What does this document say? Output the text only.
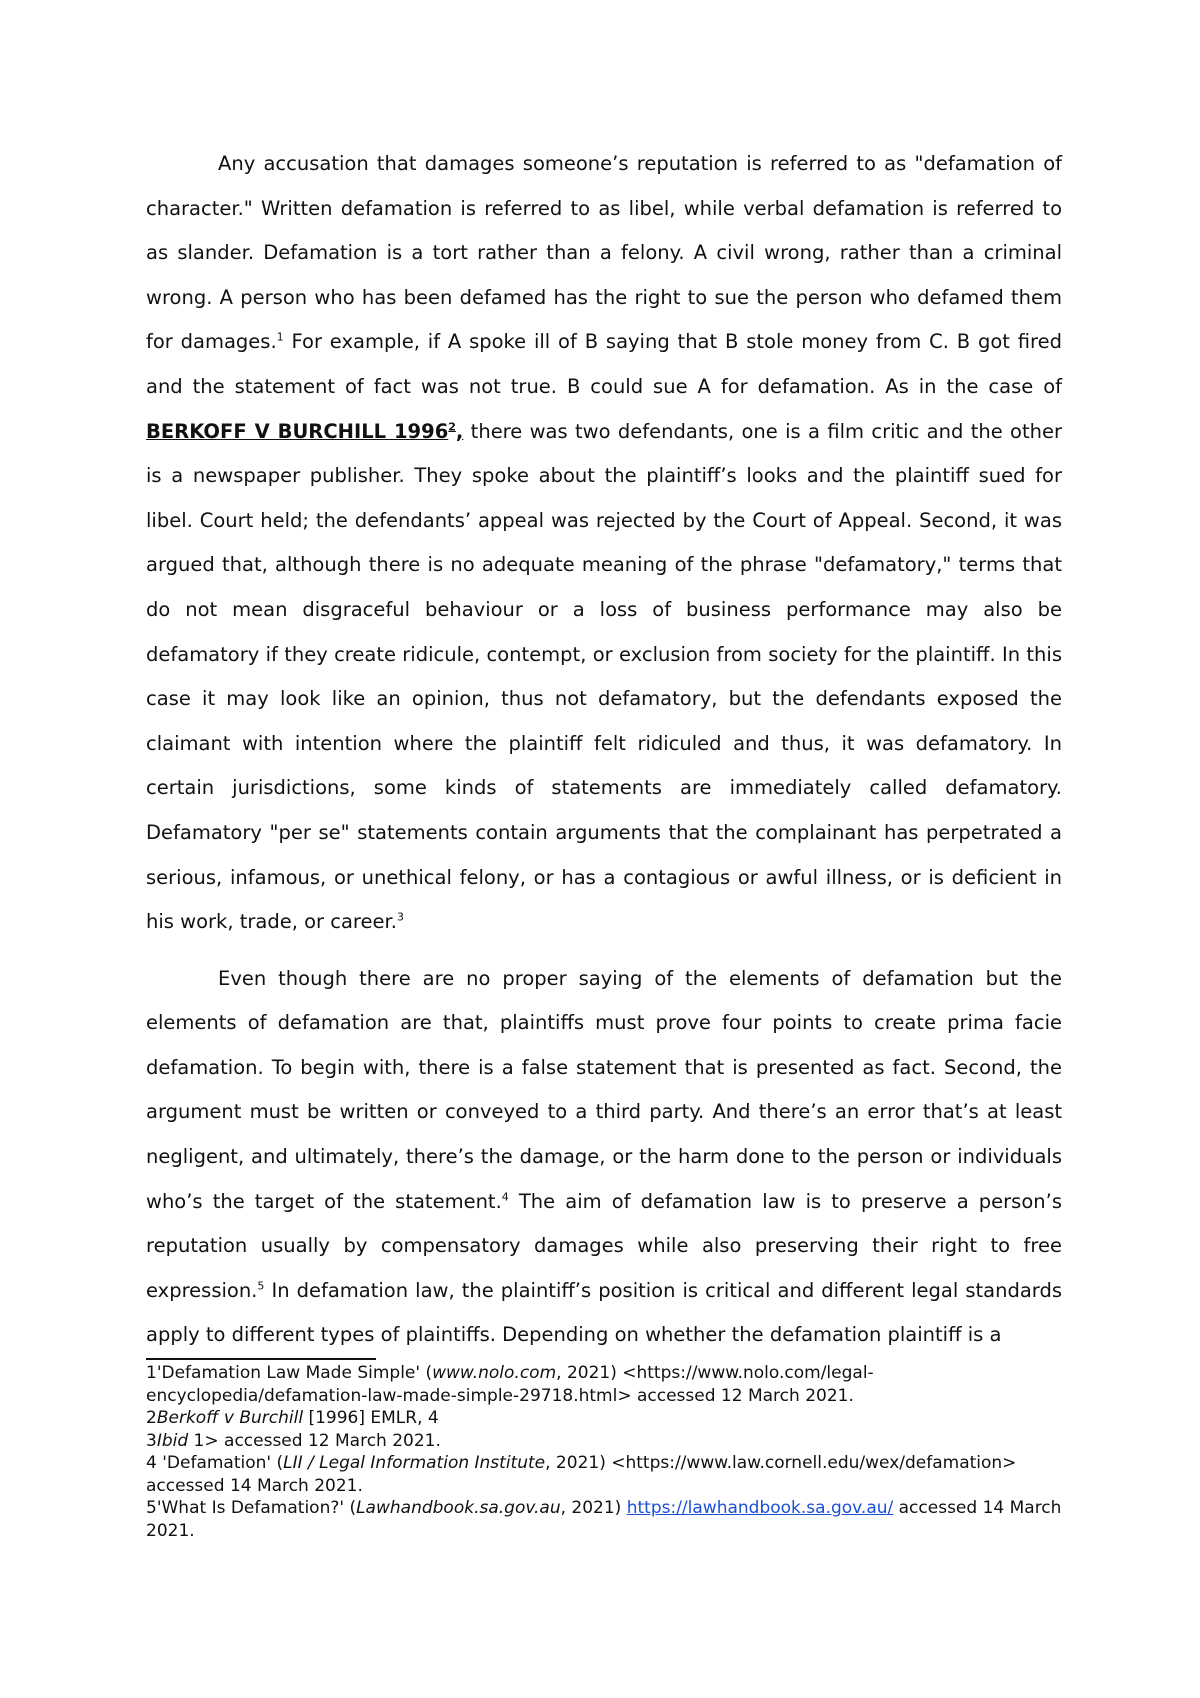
Any accusation that damages someone’s reputation is referred to as "defamation of character." Written defamation is referred to as libel, while verbal defamation is referred to as slander. Defamation is a tort rather than a felony. A civil wrong, rather than a criminal wrong. A person who has been defamed has the right to sue the person who defamed them for damages.$^1$ For example, if A spoke ill of B saying that B stole money from C. B got fired and the statement of fact was not true. B could sue A for defamation. As in the case of BERKOFF V BURCHILL 1996$^2$, there was two defendants, one is a film critic and the other is a newspaper publisher. They spoke about the plaintiff’s looks and the plaintiff sued for libel. Court held; the defendants’ appeal was rejected by the Court of Appeal. Second, it was argued that, although there is no adequate meaning of the phrase "defamatory," terms that do not mean disgraceful behaviour or a loss of business performance may also be defamatory if they create ridicule, contempt, or exclusion from society for the plaintiff. In this case it may look like an opinion, thus not defamatory, but the defendants exposed the claimant with intention where the plaintiff felt ridiculed and thus, it was defamatory. In certain jurisdictions, some kinds of statements are immediately called defamatory. Defamatory "per se" statements contain arguments that the complainant has perpetrated a serious, infamous, or unethical felony, or has a contagious or awful illness, or is deficient in his work, trade, or career.$^3$

Even though there are no proper saying of the elements of defamation but the elements of defamation are that, plaintiffs must prove four points to create prima facie defamation. To begin with, there is a false statement that is presented as fact. Second, the argument must be written or conveyed to a third party. And there’s an error that’s at least negligent, and ultimately, there’s the damage, or the harm done to the person or individuals who’s the target of the statement.$^4$ The aim of defamation law is to preserve a person’s reputation usually by compensatory damages while also preserving their right to free expression.$^5$ In defamation law, the plaintiff’s position is critical and different legal standards apply to different types of plaintiffs. Depending on whether the defamation plaintiff is a

1'Defamation Law Made Simple' (www.nolo.com, 2021) <https://www.nolo.com/legal-encyclopedia/defamation-law-made-simple-29718.html> accessed 12 March 2021.

2Berkoff v Burchill [1996] EMLR, 4

3Ibid 1> accessed 12 March 2021.

4 'Defamation' (LII / Legal Information Institute, 2021) <https://www.law.cornell.edu/wex/defamation> accessed 14 March 2021.

5'What Is Defamation?' (Lawhandbook.sa.gov.au, 2021) https://lawhandbook.sa.gov.au/ accessed 14 March 2021.
